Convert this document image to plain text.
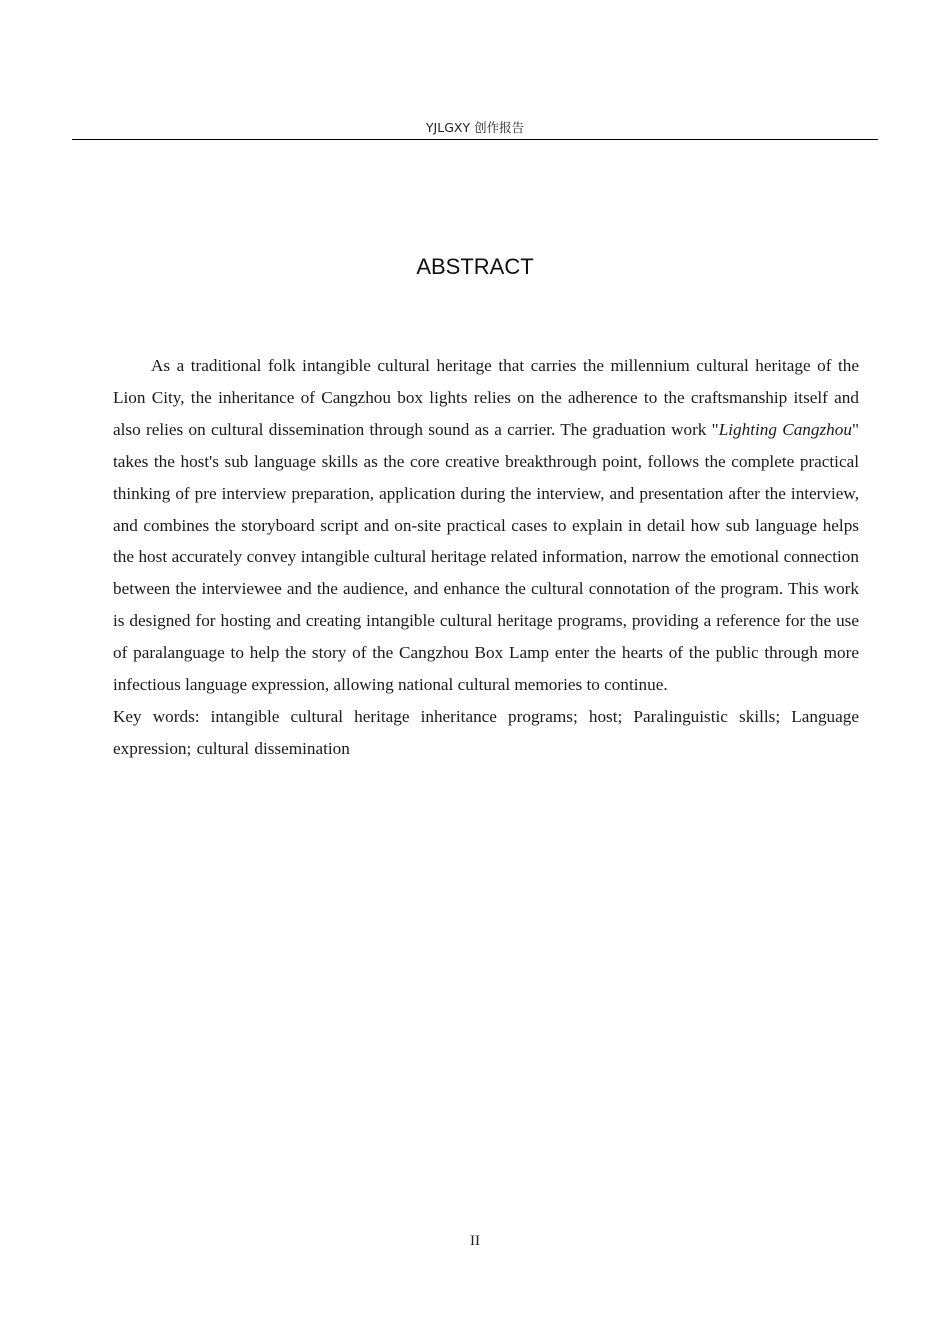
YJLGXY 创作报告
ABSTRACT

As a traditional folk intangible cultural heritage that carries the millennium cultural heritage of the Lion City, the inheritance of Cangzhou box lights relies on the adherence to the craftsmanship itself and also relies on cultural dissemination through sound as a carrier. The graduation work "Lighting Cangzhou" takes the host's sub language skills as the core creative breakthrough point, follows the complete practical thinking of pre interview preparation, application during the interview, and presentation after the interview, and combines the storyboard script and on-site practical cases to explain in detail how sub language helps the host accurately convey intangible cultural heritage related information, narrow the emotional connection between the interviewee and the audience, and enhance the cultural connotation of the program. This work is designed for hosting and creating intangible cultural heritage programs, providing a reference for the use of paralanguage to help the story of the Cangzhou Box Lamp enter the hearts of the public through more infectious language expression, allowing national cultural memories to continue.

Key words: intangible cultural heritage inheritance programs; host; Paralinguistic skills; Language expression; cultural dissemination

II
